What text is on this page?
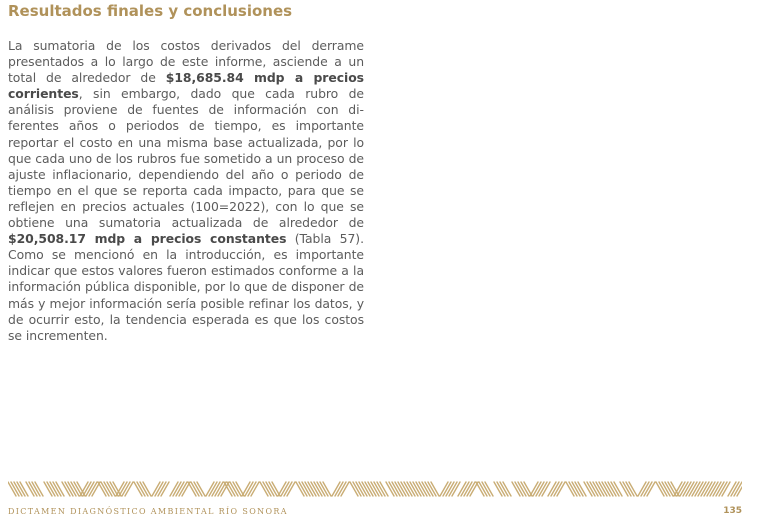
Resultados finales y conclusiones

La sumatoria de los costos derivados del derrame presentados a lo largo de este informe, asciende a un total de alrededor de $18,685.84 mdp a precios corrientes, sin embargo, dado que cada rubro de análisis proviene de fuentes de información con diferentes años o periodos de tiempo, es importante reportar el costo en una misma base actualizada, por lo que cada uno de los rubros fue sometido a un proceso de ajuste inflacionario, dependiendo del año o periodo de tiempo en el que se reporta cada impacto, para que se reflejen en precios actuales (100=2022), con lo que se obtiene una sumatoria actualizada de alrededor de $20,508.17 mdp a precios constantes (Tabla 57). Como se mencionó en la introducción, es importante indicar que estos valores fueron estimados conforme a la información pública disponible, por lo que de disponer de más y mejor información sería posible refinar los datos, y de ocurrir esto, la tendencia esperada es que los costos se incrementen.

DICTAMEN DIAGNÓSTICO AMBIENTAL RÍO SONORA	135
